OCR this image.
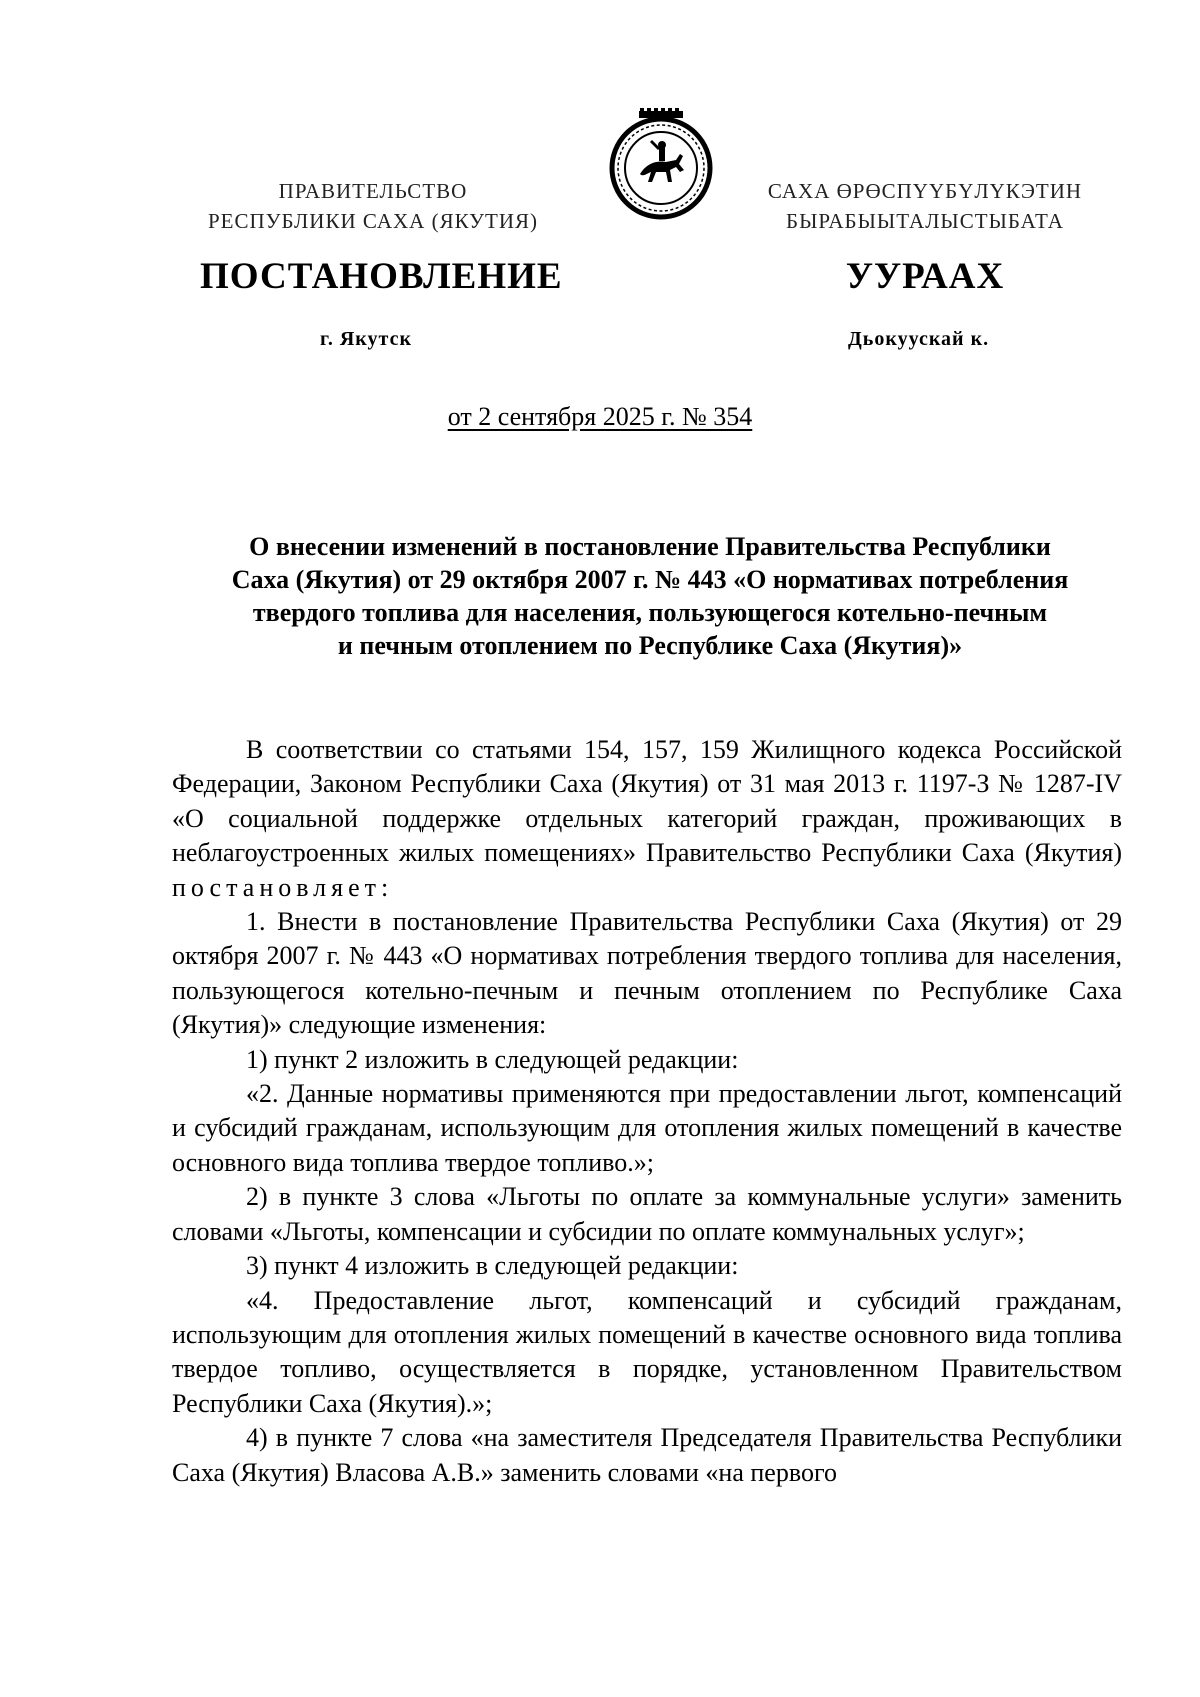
ПРАВИТЕЛЬСТВО
РЕСПУБЛИКИ САХА (ЯКУТИЯ)
САХА ӨРӨСПҮҮБҮЛҮКЭТИН
БЫРАБЫЫТАЛЫСТЫБАТА
ПОСТАНОВЛЕНИЕ	УУРААХ
г. Якутск	Дьокуускай к.
от 2 сентября 2025 г. № 354
О внесении изменений в постановление Правительства Республики
Саха (Якутия) от 29 октября 2007 г. № 443 «О нормативах потребления
твердого топлива для населения, пользующегося котельно-печным
и печным отоплением по Республике Саха (Якутия)»

В соответствии со статьями 154, 157, 159 Жилищного кодекса Российской Федерации, Законом Республики Саха (Якутия) от 31 мая 2013 г. 1197-З № 1287-IV «О социальной поддержке отдельных категорий граждан, проживающих в неблагоустроенных жилых помещениях» Правительство Республики Саха (Якутия) постановляет:

1. Внести в постановление Правительства Республики Саха (Якутия) от 29 октября 2007 г. № 443 «О нормативах потребления твердого топлива для населения, пользующегося котельно-печным и печным отоплением по Республике Саха (Якутия)» следующие изменения:

1) пункт 2 изложить в следующей редакции:

«2. Данные нормативы применяются при предоставлении льгот, компенсаций и субсидий гражданам, использующим для отопления жилых помещений в качестве основного вида топлива твердое топливо.»;

2) в пункте 3 слова «Льготы по оплате за коммунальные услуги» заменить словами «Льготы, компенсации и субсидии по оплате коммунальных услуг»;

3) пункт 4 изложить в следующей редакции:

«4. Предоставление льгот, компенсаций и субсидий гражданам, использующим для отопления жилых помещений в качестве основного вида топлива твердое топливо, осуществляется в порядке, установленном Правительством Республики Саха (Якутия).»;

4) в пункте 7 слова «на заместителя Председателя Правительства Республики Саха (Якутия) Власова А.В.» заменить словами «на первого
